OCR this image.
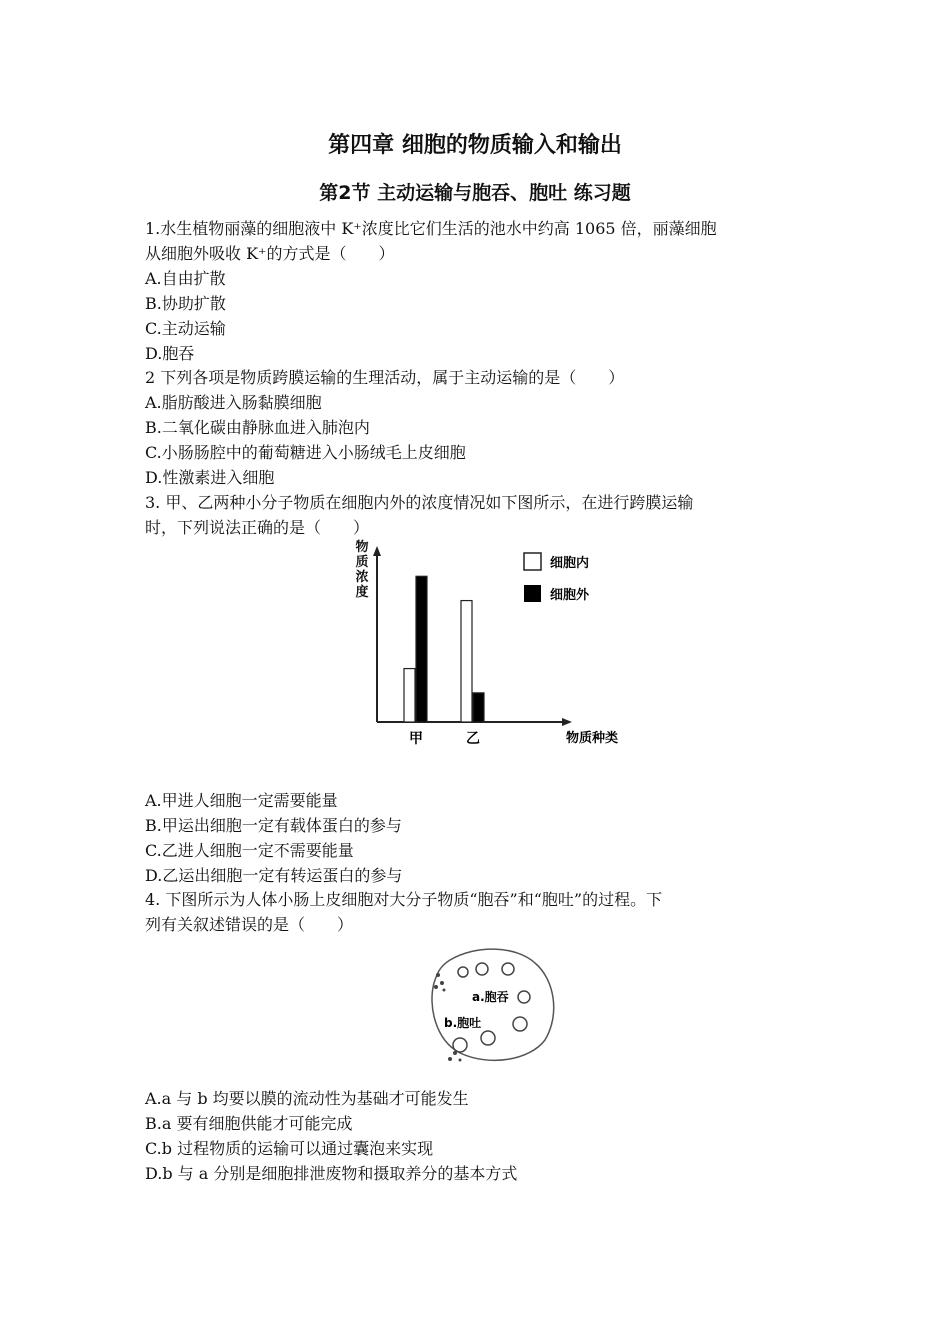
第四章 细胞的物质输入和输出
第2节 主动运输与胞吞、胞吐 练习题
1.水生植物丽藻的细胞液中 K⁺浓度比它们生活的池水中约高 1065 倍，丽藻细胞
从细胞外吸收 K⁺的方式是（　　）
A.自由扩散
B.协助扩散
C.主动运输
D.胞吞
2 下列各项是物质跨膜运输的生理活动，属于主动运输的是（　　）
A.脂肪酸进入肠黏膜细胞
B.二氧化碳由静脉血进入肺泡内
C.小肠肠腔中的葡萄糖进入小肠绒毛上皮细胞
D.性激素进入细胞
3. 甲、乙两种小分子物质在细胞内外的浓度情况如下图所示，在进行跨膜运输
时，下列说法正确的是（　　）
甲	乙	物质种类
细胞内
细胞外
物质浓度
A.甲进人细胞一定需要能量
B.甲运出细胞一定有载体蛋白的参与
C.乙进人细胞一定不需要能量
D.乙运出细胞一定有转运蛋白的参与
4. 下图所示为人体小肠上皮细胞对大分子物质“胞吞”和“胞吐”的过程。下
列有关叙述错误的是（　　）
a.胞吞
b.胞吐
A.a 与 b 均要以膜的流动性为基础才可能发生
B.a 要有细胞供能才可能完成
C.b 过程物质的运输可以通过囊泡来实现
D.b 与 a 分别是细胞排泄废物和摄取养分的基本方式
